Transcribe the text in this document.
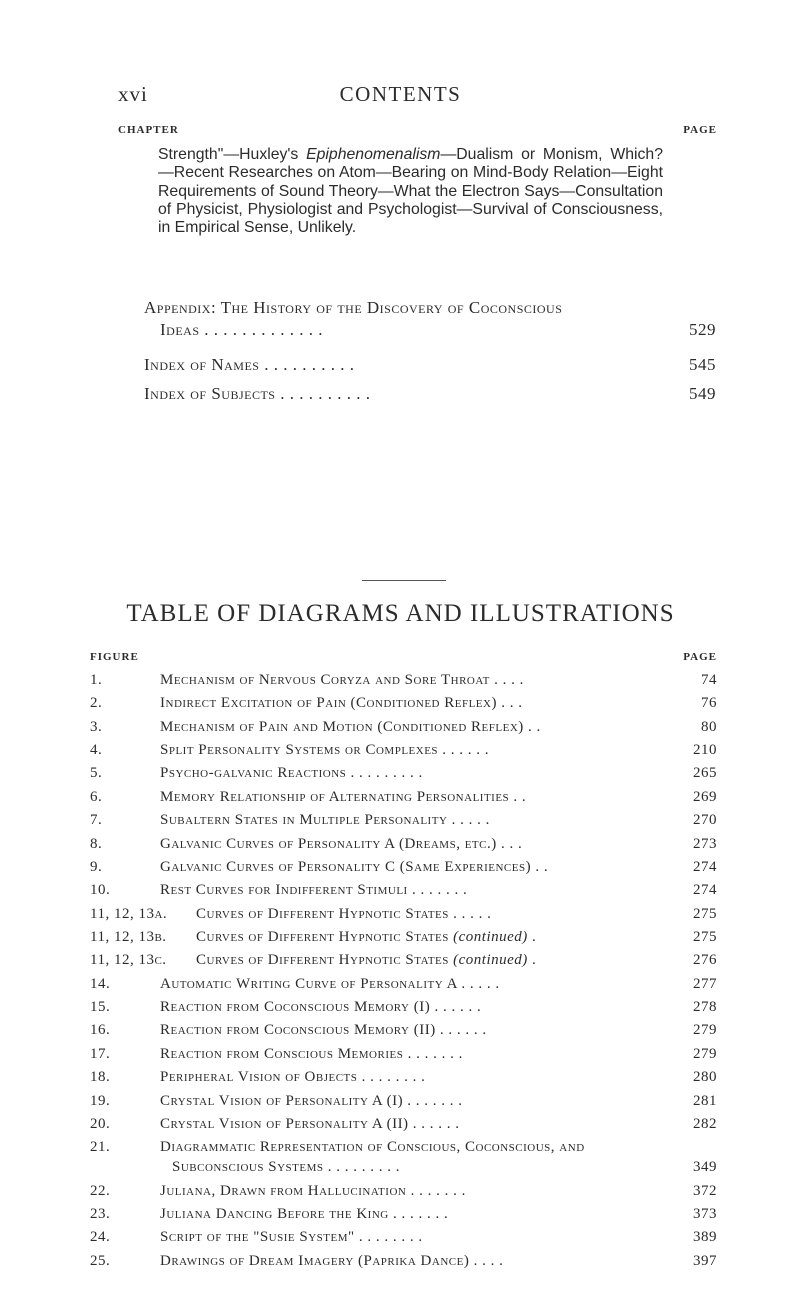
xvi	CONTENTS
CHAPTER	PAGE
Strength"—Huxley's Epiphenomenalism—Dualism or Monism, Which?—Recent Researches on Atom—Bearing on Mind-Body Relation—Eight Requirements of Sound Theory—What the Electron Says—Consultation of Physicist, Physiologist and Psychologist—Survival of Consciousness, in Empirical Sense, Unlikely.
Appendix: The History of the Discovery of Coconscious
Ideas . . . . . . . . . . . . .	529
Index of Names . . . . . . . . . .	545
Index of Subjects . . . . . . . . . .	549
TABLE OF DIAGRAMS AND ILLUSTRATIONS
FIGURE	PAGE
1.	Mechanism of Nervous Coryza and Sore Throat . . . .	74
2.	Indirect Excitation of Pain (Conditioned Reflex) . . .	76
3.	Mechanism of Pain and Motion (Conditioned Reflex) . .	80
4.	Split Personality Systems or Complexes . . . . . .	210
5.	Psycho-galvanic Reactions . . . . . . . . .	265
6.	Memory Relationship of Alternating Personalities . .	269
7.	Subaltern States in Multiple Personality . . . . .	270
8.	Galvanic Curves of Personality A (Dreams, etc.) . . .	273
9.	Galvanic Curves of Personality C (Same Experiences) . .	274
10.	Rest Curves for Indifferent Stimuli . . . . . . .	274
11, 12, 13a.	Curves of Different Hypnotic States . . . . .	275
11, 12, 13b.	Curves of Different Hypnotic States (continued) .	275
11, 12, 13c.	Curves of Different Hypnotic States (continued) .	276
14.	Automatic Writing Curve of Personality A . . . . .	277
15.	Reaction from Coconscious Memory (I) . . . . . .	278
16.	Reaction from Coconscious Memory (II) . . . . . .	279
17.	Reaction from Conscious Memories . . . . . . .	279
18.	Peripheral Vision of Objects . . . . . . . .	280
19.	Crystal Vision of Personality A (I) . . . . . . .	281
20.	Crystal Vision of Personality A (II) . . . . . .	282
21.	Diagrammatic Representation of Conscious, Coconscious, and
Subconscious Systems . . . . . . . . .	349
22.	Juliana, Drawn from Hallucination . . . . . . .	372
23.	Juliana Dancing Before the King . . . . . . .	373
24.	Script of the "Susie System" . . . . . . . .	389
25.	Drawings of Dream Imagery (Paprika Dance) . . . .	397
